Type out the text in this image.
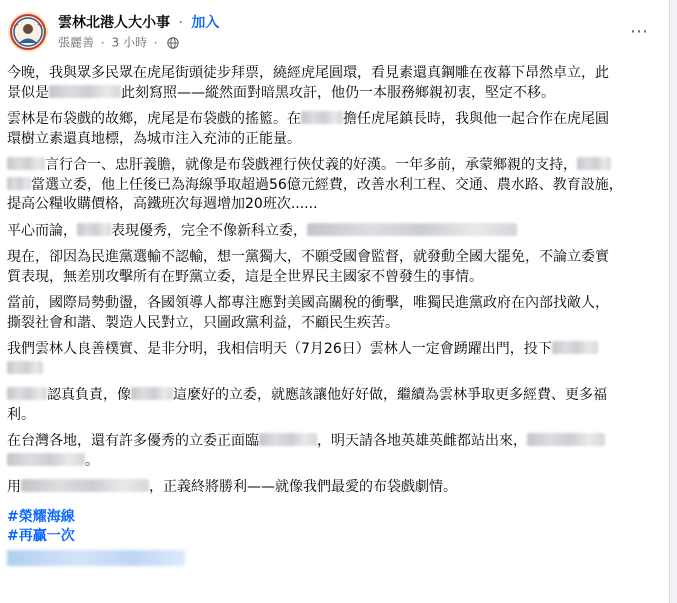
雲林北港人大小事 · 加入
張麗善 · 3 小時 ·
⋯
今晚，我與眾多民眾在虎尾街頭徒步拜票，繞經虎尾圓環，看見素還真鋼雕在夜幕下昂然卓立，此
景似是	此刻寫照——縱然面對暗黑攻訐，他仍一本服務鄉親初衷，堅定不移。
雲林是布袋戲的故鄉，虎尾是布袋戲的搖籃。在	擔任虎尾鎮長時，我與他一起合作在虎尾圓
環樹立素還真地標，為城市注入充沛的正能量。
言行合一、忠肝義膽，就像是布袋戲裡行俠仗義的好漢。一年多前，承蒙鄉親的支持，
當選立委，他上任後已為海線爭取超過56億元經費，改善水利工程、交通、農水路、教育設施，
提高公糧收購價格，高鐵班次每週增加20班次......
平心而論， 表現優秀，完全不像新科立委，
現在，卻因為民進黨選輸不認輸，想一黨獨大，不願受國會監督，就發動全國大罷免，不論立委實
質表現，無差別攻擊所有在野黨立委，這是全世界民主國家不曾發生的事情。
當前，國際局勢動盪，各國領導人都專注應對美國高關稅的衝擊，唯獨民進黨政府在內部找敵人，
撕裂社會和諧、製造人民對立，只圖政黨利益，不顧民生疾苦。
我們雲林人良善樸實、是非分明，我相信明天（7月26日）雲林人一定會踴躍出門，投下

認真負責，像	這麼好的立委，就應該讓他好好做，繼續為雲林爭取更多經費、更多福
利。
在台灣各地，還有許多優秀的立委正面臨	，明天請各地英雄英雌都站出來，
。
用	，正義終將勝利——就像我們最愛的布袋戲劇情。

#榮耀海線

#再贏一次
